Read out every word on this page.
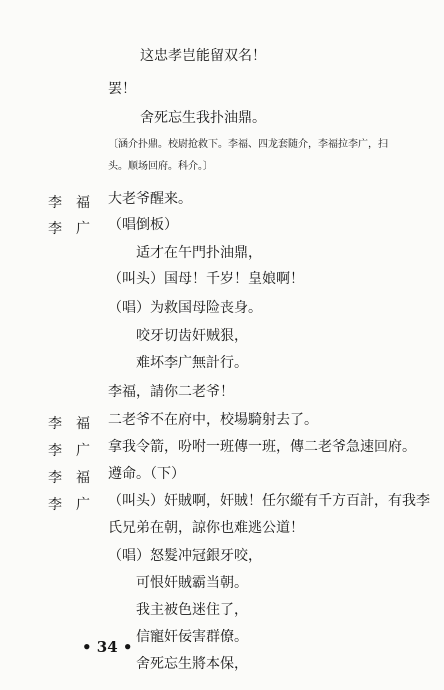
这忠孝岂能留双名！
罢！
舍死忘生我扑油鼎。
〔涵介扑鼎。校尉抢救下。李福、四龙套随介，李福拉李广，扫
头。顺场回府。科介。〕
李　福 大老爷醒来。
李　广 （唱倒板）
适才在午門扑油鼎，
（叫头）国母！千岁！皇娘啊！
（唱）为救国母险丧身。
咬牙切齿奸贼狠，
难坏李广無計行。
李福，請你二老爷！
李　福 二老爷不在府中，校場騎射去了。
李　广 拿我令箭，吩咐一班傳一班，傳二老爷急速回府。
李　福 遵命。（下）
李　广 （叫头）奸賊啊，奸賊！任尔縱有千方百計，有我李
氏兄弟在朝，諒你也难逃公道！
（唱）怒髮冲冠銀牙咬，
可恨奸賊霸当朝。
我主被色迷住了，
信寵奸佞害群僚。
舍死忘生將本保，
• 34 •
